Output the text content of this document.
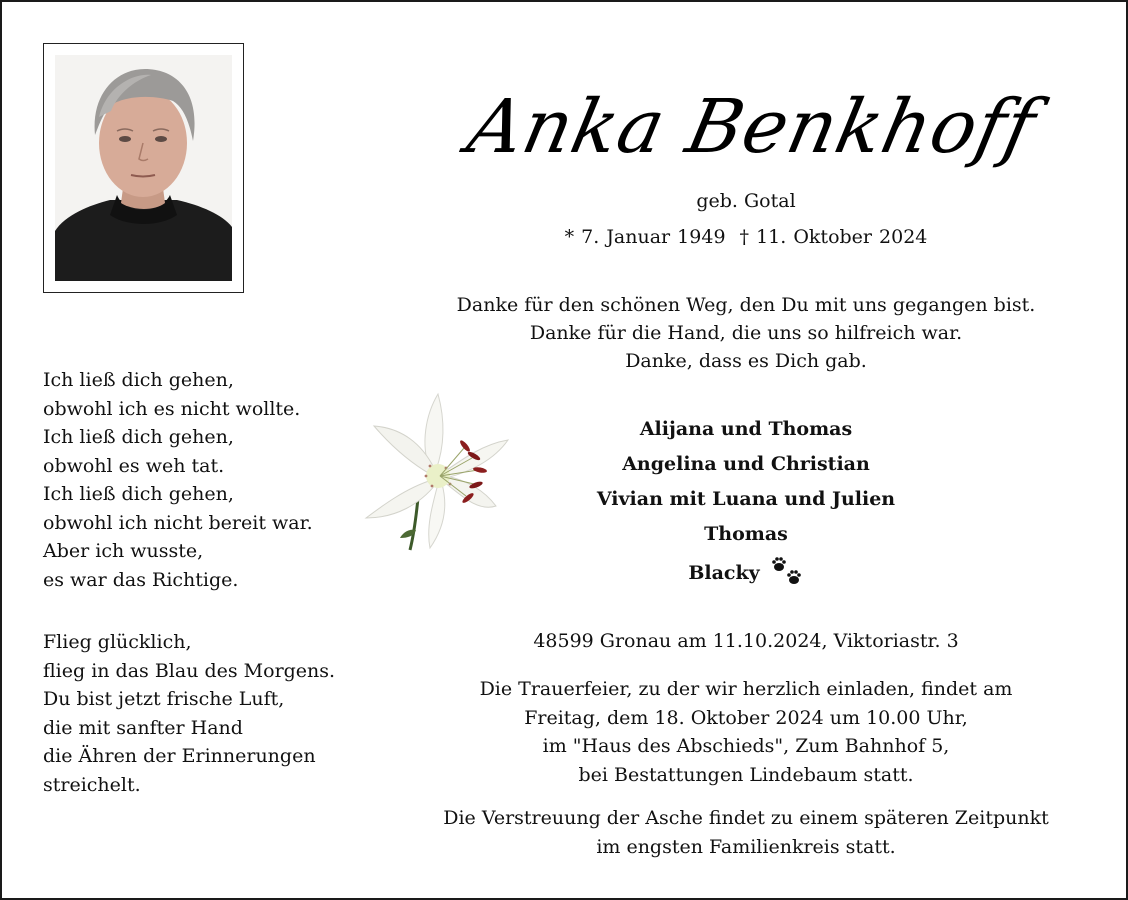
Anka Benkhoff
geb. Gotal
* 7. Januar 1949 † 11. Oktober 2024
Danke für den schönen Weg, den Du mit uns gegangen bist.
Danke für die Hand, die uns so hilfreich war.
Danke, dass es Dich gab.
Ich ließ dich gehen,
obwohl ich es nicht wollte.
Ich ließ dich gehen,
obwohl es weh tat.
Ich ließ dich gehen,
obwohl ich nicht bereit war.
Aber ich wusste,
es war das Richtige.
Flieg glücklich,
flieg in das Blau des Morgens.
Du bist jetzt frische Luft,
die mit sanfter Hand
die Ähren der Erinnerungen
streichelt.
Alijana und Thomas
Angelina und Christian
Vivian mit Luana und Julien
Thomas
Blacky
48599 Gronau am 11.10.2024, Viktoriastr. 3
Die Trauerfeier, zu der wir herzlich einladen, findet am
Freitag, dem 18. Oktober 2024 um 10.00 Uhr,
im "Haus des Abschieds", Zum Bahnhof 5,
bei Bestattungen Lindebaum statt.
Die Verstreuung der Asche findet zu einem späteren Zeitpunkt
im engsten Familienkreis statt.
